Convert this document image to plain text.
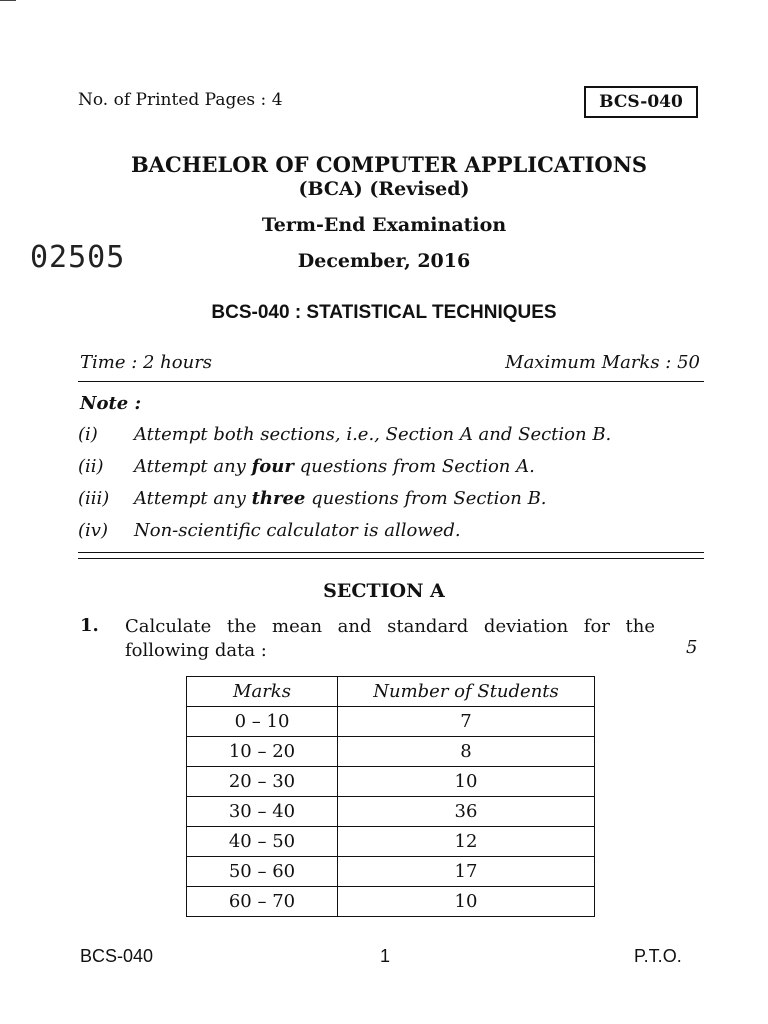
No. of Printed Pages : 4	BCS-040
BACHELOR OF COMPUTER APPLICATIONS
(BCA) (Revised)
Term-End Examination
02505	December, 2016
BCS-040 : STATISTICAL TECHNIQUES
Time : 2 hours	Maximum Marks : 50
Note :
(i) Attempt both sections, i.e., Section A and Section B.
(ii) Attempt any four questions from Section A.
(iii) Attempt any three questions from Section B.
(iv) Non-scientific calculator is allowed.
SECTION A
1. Calculate the mean and standard deviation for the following data :	5
Marks	Number of Students
0 – 10	7
10 – 20	8
20 – 30	10
30 – 40	36
40 – 50	12
50 – 60	17
60 – 70	10
BCS-040	1	P.T.O.
